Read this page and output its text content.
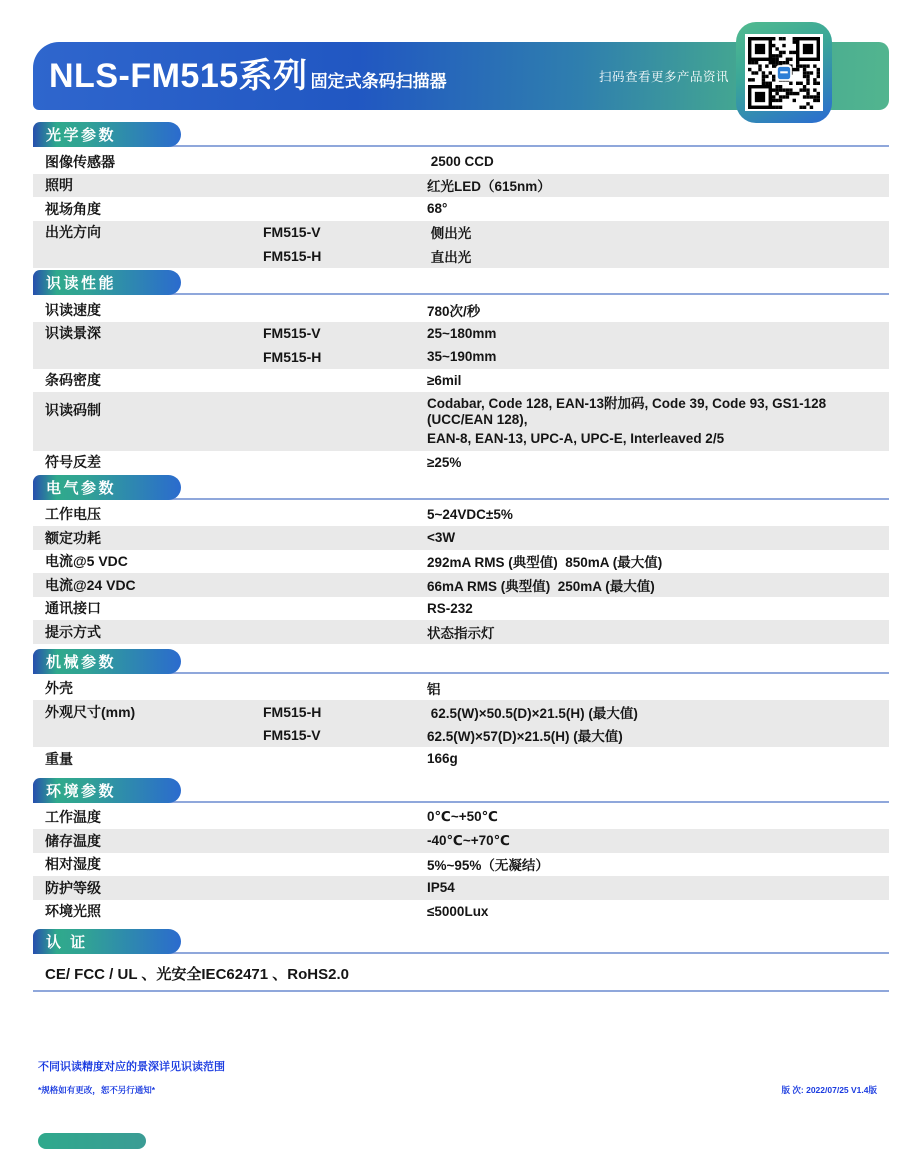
NLS-FM515系列 固定式条码扫描器	扫码查看更多产品资讯
光学参数
图像传感器	2500 CCD
照明	红光LED（615nm）
视场角度	68°
出光方向	FM515-V	侧出光
FM515-H	直出光
识读性能
识读速度	780次/秒
识读景深	FM515-V	25~180mm
FM515-H	35~190mm
条码密度	≥6mil
识读码制	Codabar, Code 128, EAN-13附加码, Code 39, Code 93, GS1-128 (UCC/EAN 128),
EAN-8, EAN-13, UPC-A, UPC-E, Interleaved 2/5
符号反差	≥25%
电气参数
工作电压	5~24VDC±5%
额定功耗	<3W
电流@5 VDC	292mA RMS (典型值)  850mA (最大值)
电流@24 VDC	66mA RMS (典型值)  250mA (最大值)
通讯接口	RS-232
提示方式	状态指示灯
机械参数
外壳	铝
外观尺寸(mm)	FM515-H	62.5(W)×50.5(D)×21.5(H) (最大值)
FM515-V	62.5(W)×57(D)×21.5(H) (最大值)
重量	166g
环境参数
工作温度	0℃~+50℃
储存温度	-40℃~+70℃
相对湿度	5%~95%（无凝结）
防护等级	IP54
环境光照	≤5000Lux
认 证
CE/ FCC / UL 、光安全IEC62471 、RoHS2.0
不同识读精度对应的景深详见识读范围
*规格如有更改，恕不另行通知*	版 次: 2022/07/25 V1.4版
